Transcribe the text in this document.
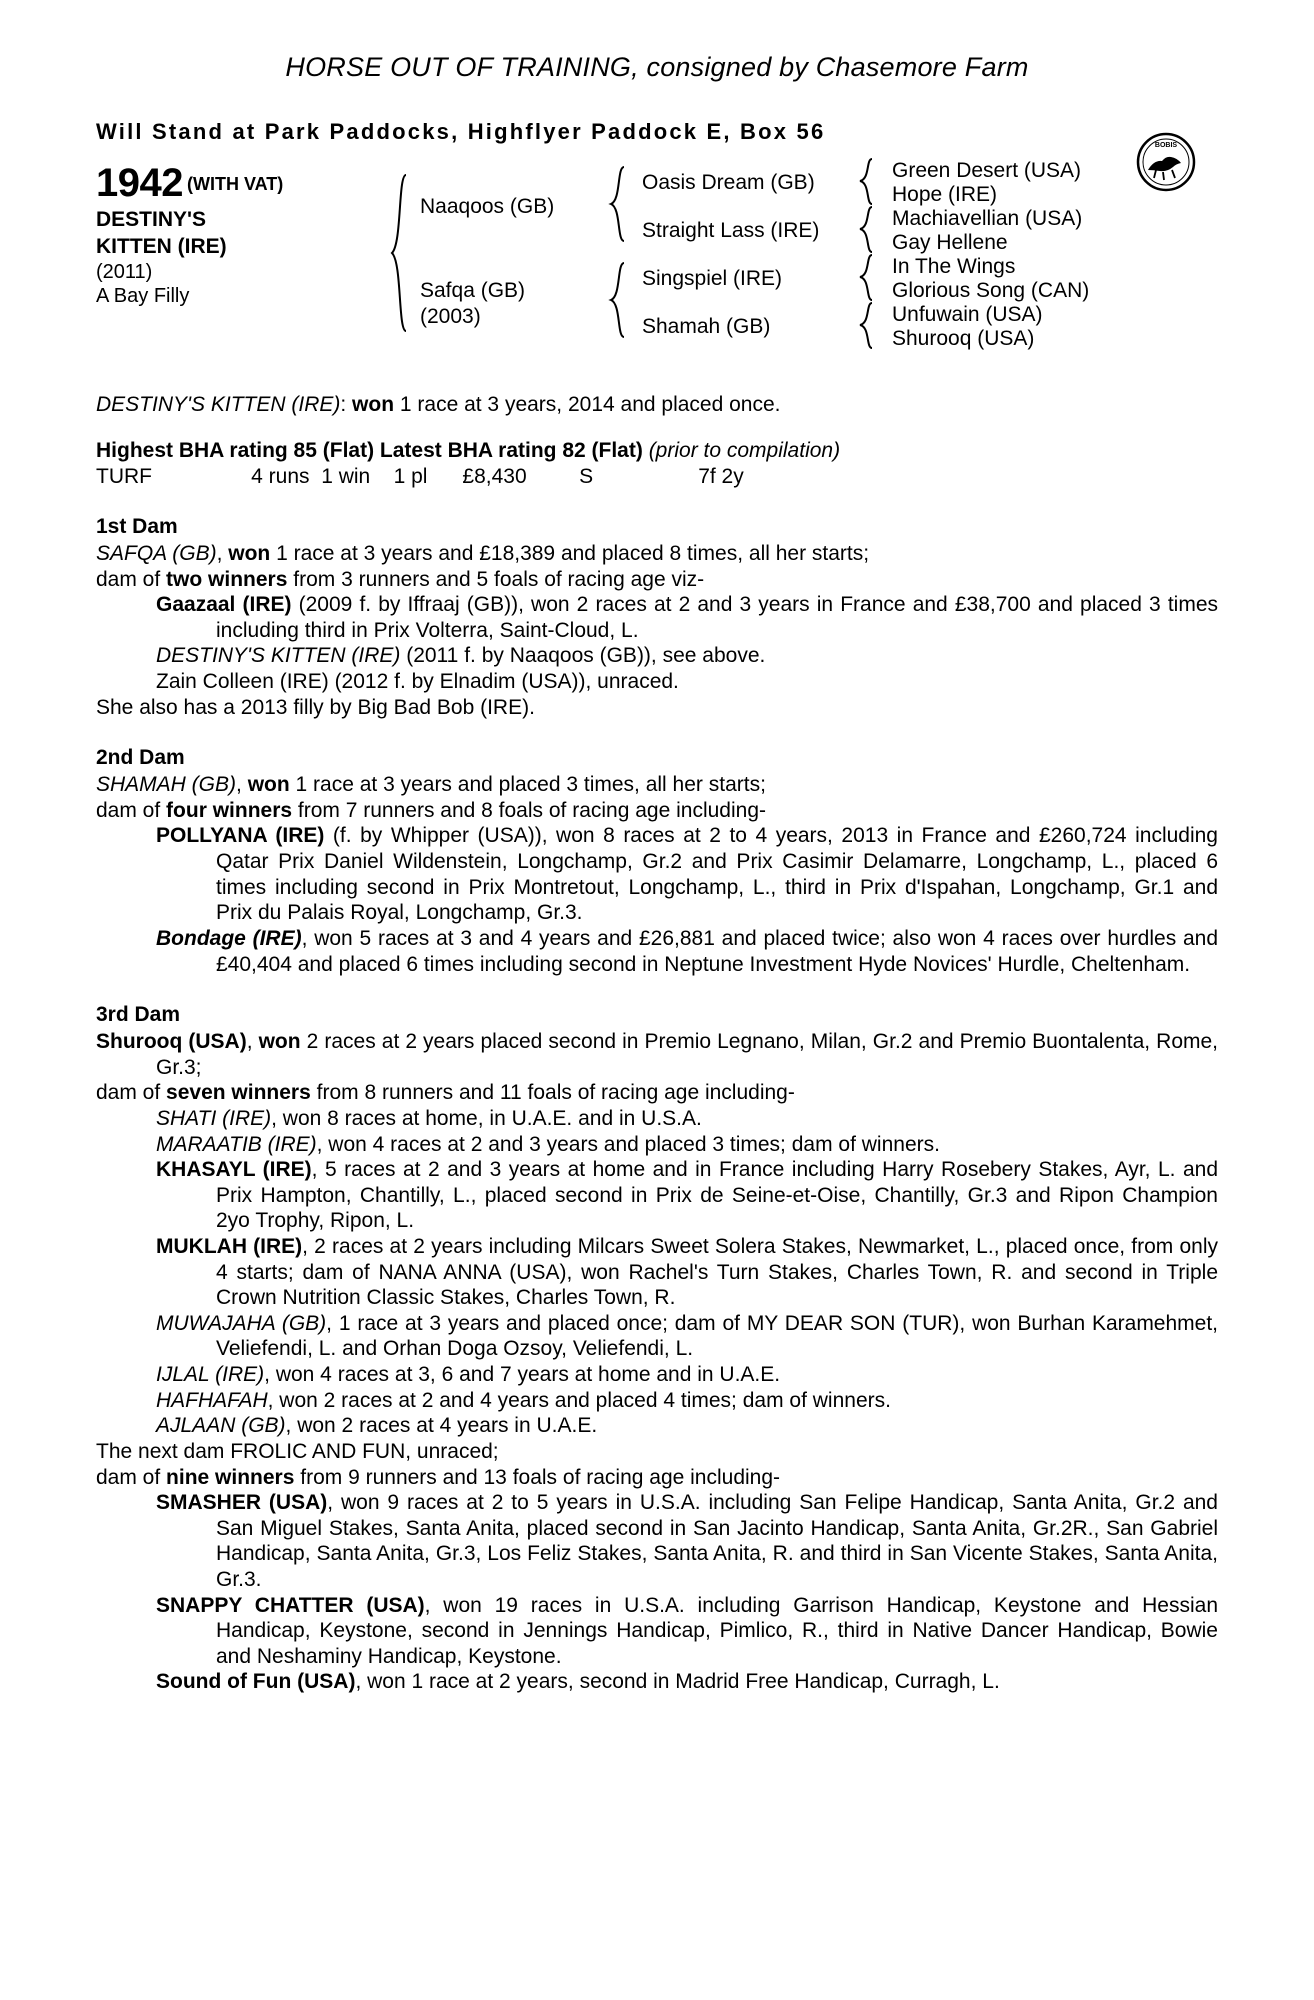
HORSE OUT OF TRAINING, consigned by Chasemore Farm
Will Stand at Park Paddocks, Highflyer Paddock E, Box 56
BOBIS
1942 (WITH VAT)
DESTINY'S
KITTEN (IRE)
(2011)
A Bay Filly
Naaqoos (GB)
Safqa (GB)
(2003)
Oasis Dream (GB)
Straight Lass (IRE)
Singspiel (IRE)
Shamah (GB)
Green Desert (USA)
Hope (IRE)
Machiavellian (USA)
Gay Hellene
In The Wings
Glorious Song (CAN)
Unfuwain (USA)
Shurooq (USA)
DESTINY'S KITTEN (IRE): won 1 race at 3 years, 2014 and placed once.
Highest BHA rating 85 (Flat) Latest BHA rating 82 (Flat) (prior to compilation)
TURF                 4 runs  1 win    1 pl      £8,430         S                  7f 2y
1st Dam

SAFQA (GB), won 1 race at 3 years and £18,389 and placed 8 times, all her starts;

dam of two winners from 3 runners and 5 foals of racing age viz-

Gaazaal (IRE) (2009 f. by Iffraaj (GB)), won 2 races at 2 and 3 years in France and £38,700 and placed 3 times including third in Prix Volterra, Saint-Cloud, L.

DESTINY'S KITTEN (IRE) (2011 f. by Naaqoos (GB)), see above.

Zain Colleen (IRE) (2012 f. by Elnadim (USA)), unraced.

She also has a 2013 filly by Big Bad Bob (IRE).

2nd Dam

SHAMAH (GB), won 1 race at 3 years and placed 3 times, all her starts;

dam of four winners from 7 runners and 8 foals of racing age including-

POLLYANA (IRE) (f. by Whipper (USA)), won 8 races at 2 to 4 years, 2013 in France and £260,724 including Qatar Prix Daniel Wildenstein, Longchamp, Gr.2 and Prix Casimir Delamarre, Longchamp, L., placed 6 times including second in Prix Montretout, Longchamp, L., third in Prix d'Ispahan, Longchamp, Gr.1 and Prix du Palais Royal, Longchamp, Gr.3.

Bondage (IRE), won 5 races at 3 and 4 years and £26,881 and placed twice; also won 4 races over hurdles and £40,404 and placed 6 times including second in Neptune Investment Hyde Novices' Hurdle, Cheltenham.

3rd Dam

Shurooq (USA), won 2 races at 2 years placed second in Premio Legnano, Milan, Gr.2 and Premio Buontalenta, Rome, Gr.3;

dam of seven winners from 8 runners and 11 foals of racing age including-

SHATI (IRE), won 8 races at home, in U.A.E. and in U.S.A.

MARAATIB (IRE), won 4 races at 2 and 3 years and placed 3 times; dam of winners.

KHASAYL (IRE), 5 races at 2 and 3 years at home and in France including Harry Rosebery Stakes, Ayr, L. and Prix Hampton, Chantilly, L., placed second in Prix de Seine-et-Oise, Chantilly, Gr.3 and Ripon Champion 2yo Trophy, Ripon, L.

MUKLAH (IRE), 2 races at 2 years including Milcars Sweet Solera Stakes, Newmarket, L., placed once, from only 4 starts; dam of NANA ANNA (USA), won Rachel's Turn Stakes, Charles Town, R. and second in Triple Crown Nutrition Classic Stakes, Charles Town, R.

MUWAJAHA (GB), 1 race at 3 years and placed once; dam of MY DEAR SON (TUR), won Burhan Karamehmet, Veliefendi, L. and Orhan Doga Ozsoy, Veliefendi, L.

IJLAL (IRE), won 4 races at 3, 6 and 7 years at home and in U.A.E.

HAFHAFAH, won 2 races at 2 and 4 years and placed 4 times; dam of winners.

AJLAAN (GB), won 2 races at 4 years in U.A.E.

The next dam FROLIC AND FUN, unraced;

dam of nine winners from 9 runners and 13 foals of racing age including-

SMASHER (USA), won 9 races at 2 to 5 years in U.S.A. including San Felipe Handicap, Santa Anita, Gr.2 and San Miguel Stakes, Santa Anita, placed second in San Jacinto Handicap, Santa Anita, Gr.2R., San Gabriel Handicap, Santa Anita, Gr.3, Los Feliz Stakes, Santa Anita, R. and third in San Vicente Stakes, Santa Anita, Gr.3.

SNAPPY CHATTER (USA), won 19 races in U.S.A. including Garrison Handicap, Keystone and Hessian Handicap, Keystone, second in Jennings Handicap, Pimlico, R., third in Native Dancer Handicap, Bowie and Neshaminy Handicap, Keystone.

Sound of Fun (USA), won 1 race at 2 years, second in Madrid Free Handicap, Curragh, L.
